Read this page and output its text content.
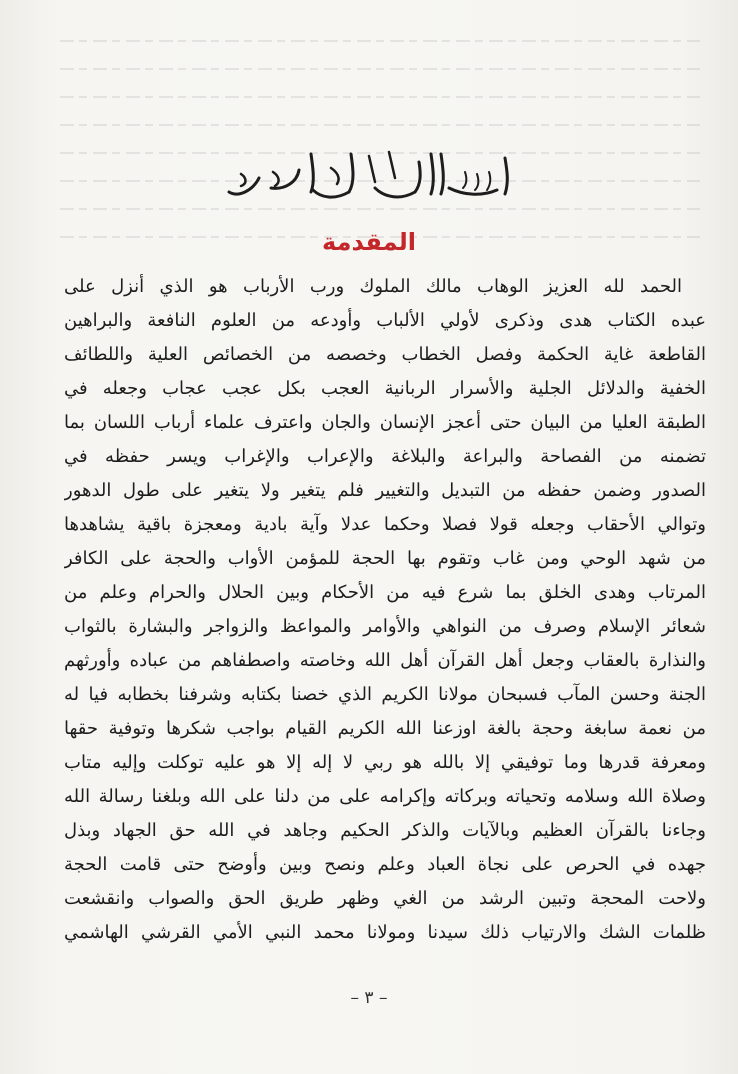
بسم الله الرحمن الرحيم
المقدمة
الحمد لله العزيز الوهاب مالك الملوك ورب الأرباب هو الذي أنزل على
عبده الكتاب هدى وذكرى لأولي الألباب وأودعه من العلوم النافعة والبراهين
القاطعة غاية الحكمة وفصل الخطاب وخصصه من الخصائص العلية واللطائف
الخفية والدلائل الجلية والأسرار الربانية العجب بكل عجب عجاب وجعله في
الطبقة العليا من البيان حتى أعجز الإنسان والجان واعترف علماء أرباب اللسان بما
تضمنه من الفصاحة والبراعة والبلاغة والإعراب والإغراب ويسر حفظه في
الصدور وضمن حفظه من التبديل والتغيير فلم يتغير ولا يتغير على طول الدهور
وتوالي الأحقاب وجعله قولا فصلا وحكما عدلا وآية بادية ومعجزة باقية يشاهدها
من شهد الوحي ومن غاب وتقوم بها الحجة للمؤمن الأواب والحجة على الكافر
المرتاب وهدى الخلق بما شرع فيه من الأحكام وبين الحلال والحرام وعلم من
شعائر الإسلام وصرف من النواهي والأوامر والمواعظ والزواجر والبشارة بالثواب
والنذارة بالعقاب وجعل أهل القرآن أهل الله وخاصته واصطفاهم من عباده وأورثهم
الجنة وحسن المآب فسبحان مولانا الكريم الذي خصنا بكتابه وشرفنا بخطابه فيا له
من نعمة سابغة وحجة بالغة اوزعنا الله الكريم القيام بواجب شكرها وتوفية حقها
ومعرفة قدرها وما توفيقي إلا بالله هو ربي لا إله إلا هو عليه توكلت وإليه متاب
وصلاة الله وسلامه وتحياته وبركاته وإكرامه على من دلنا على الله وبلغنا رسالة الله
وجاءنا بالقرآن العظيم وبالآيات والذكر الحكيم وجاهد في الله حق الجهاد وبذل
جهده في الحرص على نجاة العباد وعلم ونصح وبين وأوضح حتى قامت الحجة
ولاحت المحجة وتبين الرشد من الغي وظهر طريق الحق والصواب وانقشعت
ظلمات الشك والارتياب ذلك سيدنا ومولانا محمد النبي الأمي القرشي الهاشمي
– ٣ –
